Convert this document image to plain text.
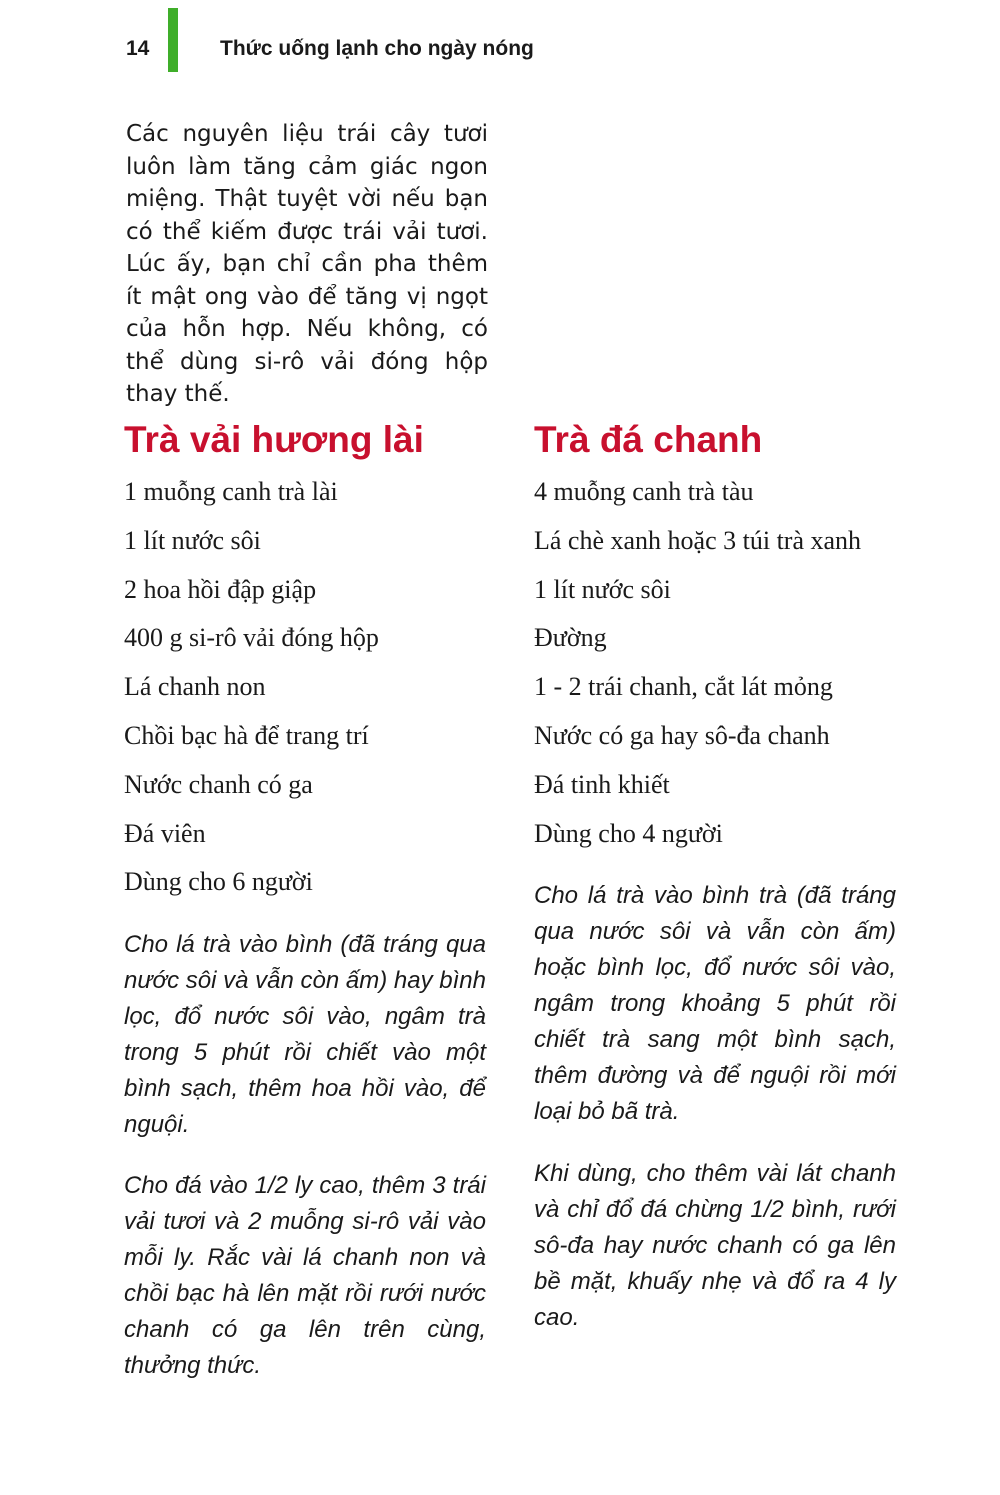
14	Thức uống lạnh cho ngày nóng

Các nguyên liệu trái cây tươi luôn làm tăng cảm giác ngon miệng. Thật tuyệt vời nếu bạn có thể kiếm được trái vải tươi. Lúc ấy, bạn chỉ cần pha thêm ít mật ong vào để tăng vị ngọt của hỗn hợp. Nếu không, có thể dùng si-rô vải đóng hộp thay thế.

Trà vải hương lài
1 muỗng canh trà lài
1 lít nước sôi
2 hoa hồi đập giập
400 g si-rô vải đóng hộp
Lá chanh non
Chồi bạc hà để trang trí
Nước chanh có ga
Đá viên
Dùng cho 6 người

Cho lá trà vào bình (đã tráng qua nước sôi và vẫn còn ấm) hay bình lọc, đổ nước sôi vào, ngâm trà trong 5 phút rồi chiết vào một bình sạch, thêm hoa hồi vào, để nguội.

Cho đá vào 1/2 ly cao, thêm 3 trái vải tươi và 2 muỗng si-rô vải vào mỗi ly. Rắc vài lá chanh non và chồi bạc hà lên mặt rồi rưới nước chanh có ga lên trên cùng, thưởng thức.

Trà đá chanh
4 muỗng canh trà tàu
Lá chè xanh hoặc 3 túi trà xanh
1 lít nước sôi
Đường
1 - 2 trái chanh, cắt lát mỏng
Nước có ga hay sô-đa chanh
Đá tinh khiết
Dùng cho 4 người

Cho lá trà vào bình trà (đã tráng qua nước sôi và vẫn còn ấm) hoặc bình lọc, đổ nước sôi vào, ngâm trong khoảng 5 phút rồi chiết trà sang một bình sạch, thêm đường và để nguội rồi mới loại bỏ bã trà.

Khi dùng, cho thêm vài lát chanh và chỉ đổ đá chừng 1/2 bình, rưới sô-đa hay nước chanh có ga lên bề mặt, khuấy nhẹ và đổ ra 4 ly cao.
